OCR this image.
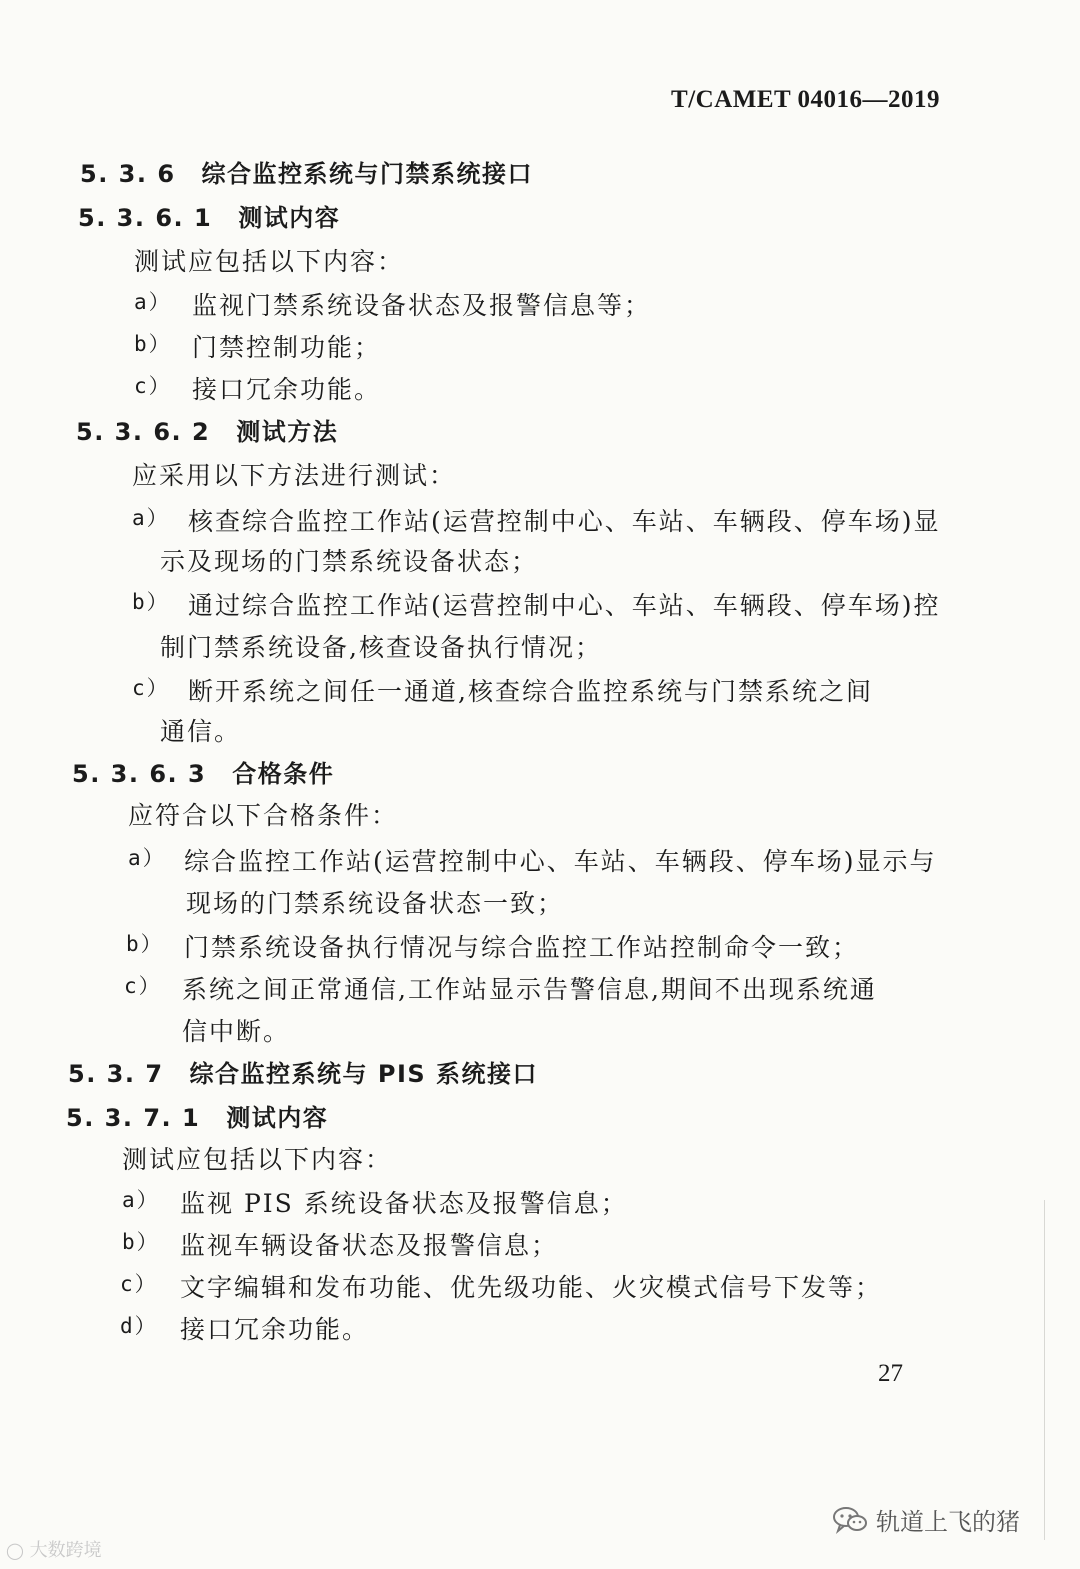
T/CAMET 04016—2019
5. 3. 6 综合监控系统与门禁系统接口
5. 3. 6. 1 测试内容
测试应包括以下内容：
a） 监视门禁系统设备状态及报警信息等；
b） 门禁控制功能；
c） 接口冗余功能。
5. 3. 6. 2 测试方法
应采用以下方法进行测试：
a） 核查综合监控工作站(运营控制中心、车站、车辆段、停车场)显
示及现场的门禁系统设备状态；
b） 通过综合监控工作站(运营控制中心、车站、车辆段、停车场)控
制门禁系统设备,核查设备执行情况；
c） 断开系统之间任一通道,核查综合监控系统与门禁系统之间
通信。
5. 3. 6. 3 合格条件
应符合以下合格条件：
a） 综合监控工作站(运营控制中心、车站、车辆段、停车场)显示与
现场的门禁系统设备状态一致；
b） 门禁系统设备执行情况与综合监控工作站控制命令一致；
c） 系统之间正常通信,工作站显示告警信息,期间不出现系统通
信中断。
5. 3. 7 综合监控系统与 PIS 系统接口
5. 3. 7. 1 测试内容
测试应包括以下内容：
a） 监视 PIS 系统设备状态及报警信息；
b） 监视车辆设备状态及报警信息；
c） 文字编辑和发布功能、优先级功能、火灾模式信号下发等；
d） 接口冗余功能。
27
◯ 大数跨境
轨道上飞的猪
